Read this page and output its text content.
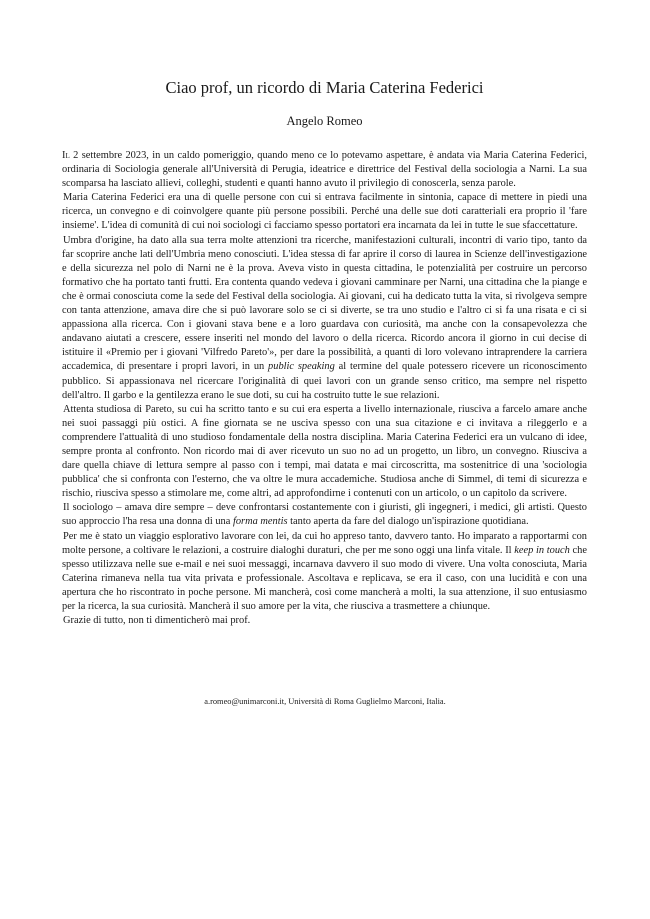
Ciao prof, un ricordo di Maria Caterina Federici
Angelo Romeo

Il 2 settembre 2023, in un caldo pomeriggio, quando meno ce lo potevamo aspettare, è andata via Maria Caterina Federici, ordinaria di Sociologia generale all'Università di Perugia, ideatrice e direttrice del Festival della sociologia a Narni. La sua scomparsa ha lasciato allievi, colleghi, studenti e quanti hanno avuto il privilegio di conoscerla, senza parole.

Maria Caterina Federici era una di quelle persone con cui si entrava facilmente in sintonia, capace di mettere in piedi una ricerca, un convegno e di coinvolgere quante più persone possibili. Perché una delle sue doti caratteriali era proprio il 'fare insieme'. L'idea di comunità di cui noi sociologi ci facciamo spesso portatori era incarnata da lei in tutte le sue sfaccettature.

Umbra d'origine, ha dato alla sua terra molte attenzioni tra ricerche, manifestazioni culturali, incontri di vario tipo, tanto da far scoprire anche lati dell'Umbria meno conosciuti. L'idea stessa di far aprire il corso di laurea in Scienze dell'investigazione e della sicurezza nel polo di Narni ne è la prova. Aveva visto in questa cittadina, le potenzialità per costruire un percorso formativo che ha portato tanti frutti. Era contenta quando vedeva i giovani camminare per Narni, una cittadina che la piange e che è ormai conosciuta come la sede del Festival della sociologia. Ai giovani, cui ha dedicato tutta la vita, si rivolgeva sempre con tanta attenzione, amava dire che si può lavorare solo se ci si diverte, se tra uno studio e l'altro ci si fa una risata e ci si appassiona alla ricerca. Con i giovani stava bene e a loro guardava con curiosità, ma anche con la consapevolezza che andavano aiutati a crescere, essere inseriti nel mondo del lavoro o della ricerca. Ricordo ancora il giorno in cui decise di istituire il «Premio per i giovani 'Vilfredo Pareto'», per dare la possibilità, a quanti di loro volevano intraprendere la carriera accademica, di presentare i propri lavori, in un public speaking al termine del quale potessero ricevere un riconoscimento pubblico. Si appassionava nel ricercare l'originalità di quei lavori con un grande senso critico, ma sempre nel rispetto dell'altro. Il garbo e la gentilezza erano le sue doti, su cui ha costruito tutte le sue relazioni.

Attenta studiosa di Pareto, su cui ha scritto tanto e su cui era esperta a livello internazionale, riusciva a farcelo amare anche nei suoi passaggi più ostici. A fine giornata se ne usciva spesso con una sua citazione e ci invitava a rileggerlo e a comprendere l'attualità di uno studioso fondamentale della nostra disciplina. Maria Caterina Federici era un vulcano di idee, sempre pronta al confronto. Non ricordo mai di aver ricevuto un suo no ad un progetto, un libro, un convegno. Riusciva a dare quella chiave di lettura sempre al passo con i tempi, mai datata e mai circoscritta, ma sostenitrice di una 'sociologia pubblica' che si confronta con l'esterno, che va oltre le mura accademiche. Studiosa anche di Simmel, di temi di sicurezza e rischio, riusciva spesso a stimolare me, come altri, ad approfondirne i contenuti con un articolo, o un capitolo da scrivere.

Il sociologo – amava dire sempre – deve confrontarsi costantemente con i giuristi, gli ingegneri, i medici, gli artisti. Questo suo approccio l'ha resa una donna di una forma mentis tanto aperta da fare del dialogo un'ispirazione quotidiana.

Per me è stato un viaggio esplorativo lavorare con lei, da cui ho appreso tanto, davvero tanto. Ho imparato a rapportarmi con molte persone, a coltivare le relazioni, a costruire dialoghi duraturi, che per me sono oggi una linfa vitale. Il keep in touch che spesso utilizzava nelle sue e-mail e nei suoi messaggi, incarnava davvero il suo modo di vivere. Una volta conosciuta, Maria Caterina rimaneva nella tua vita privata e professionale. Ascoltava e replicava, se era il caso, con una lucidità e con una apertura che ho riscontrato in poche persone. Mi mancherà, così come mancherà a molti, la sua attenzione, il suo entusiasmo per la ricerca, la sua curiosità. Mancherà il suo amore per la vita, che riusciva a trasmettere a chiunque.

Grazie di tutto, non ti dimenticherò mai prof.

a.romeo@unimarconi.it, Università di Roma Guglielmo Marconi, Italia.
